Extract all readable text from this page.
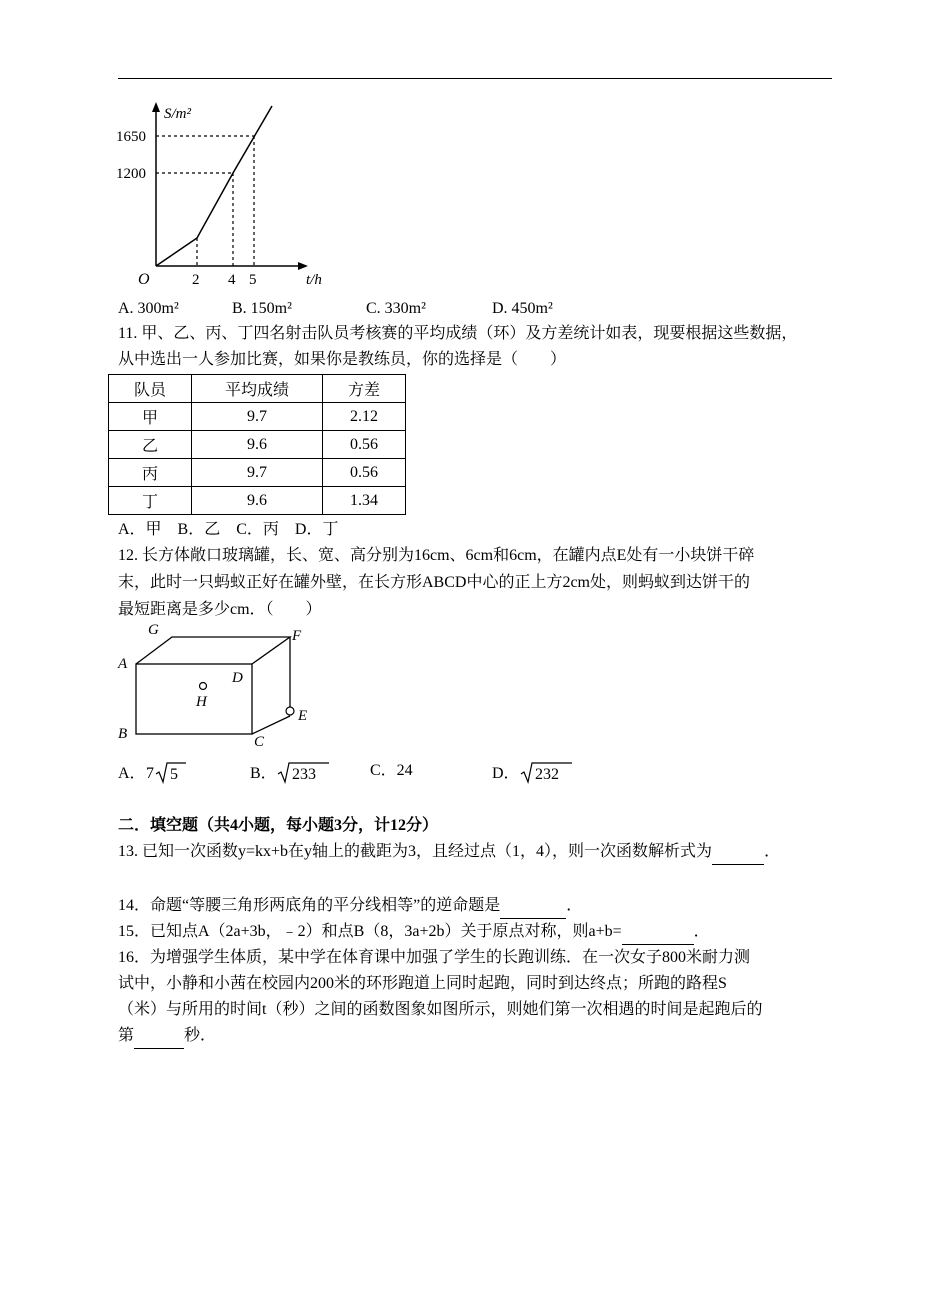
S/m²
t/h
O
1650
1200
2 4 5
A. 300m²	B. 150m²	C. 330m²	D. 450m²
11. 甲、乙、丙、丁四名射击队员考核赛的平均成绩（环）及方差统计如表，现要根据这些数据，
从中选出一人参加比赛，如果你是教练员，你的选择是（　　）
队员	平均成绩	方差
甲	9.7	2.12
乙	9.6	0.56
丙	9.7	0.56
丁	9.6	1.34
A．甲　B．乙　C．丙　D．丁
12. 长方体敞口玻璃罐，长、宽、高分别为16cm、6cm和6cm，在罐内点E处有一小块饼干碎
末，此时一只蚂蚁正好在罐外壁，在长方形ABCD中心的正上方2cm处，则蚂蚁到达饼干的
最短距离是多少cm．（　　）
G	F
A
D
H
E
B	C
A． 7 5	B． 233	C．24	D． 232
二．填空题（共4小题，每小题3分，计12分）
13. 已知一次函数y=kx+b在y轴上的截距为3，且经过点（1，4），则一次函数解析式为	．
14．命题“等腰三角形两底角的平分线相等”的逆命题是	．
15．已知点A（2a+3b，﹣2）和点B（8，3a+2b）关于原点对称，则a+b=	．
16．为增强学生体质，某中学在体育课中加强了学生的长跑训练．在一次女子800米耐力测
试中，小静和小茜在校园内200米的环形跑道上同时起跑，同时到达终点；所跑的路程S
（米）与所用的时间t（秒）之间的函数图象如图所示，则她们第一次相遇的时间是起跑后的
第	秒．
